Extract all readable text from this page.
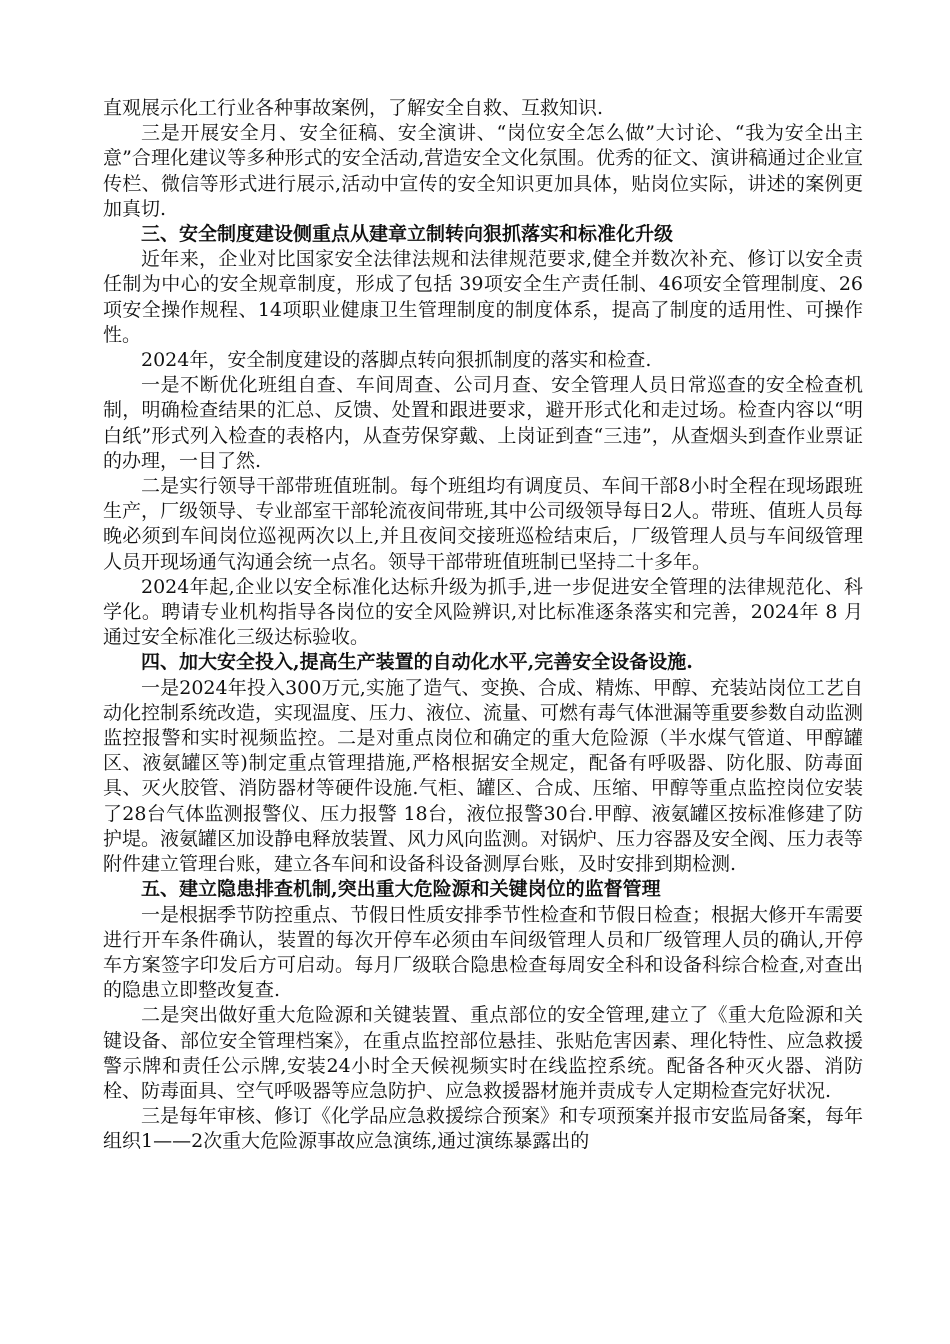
直观展示化工行业各种事故案例，了解安全自救、互救知识.

三是开展安全月、安全征稿、安全演讲、“岗位安全怎么做”大讨论、“我为安全出主意”合理化建议等多种形式的安全活动,营造安全文化氛围。优秀的征文、演讲稿通过企业宣传栏、微信等形式进行展示,活动中宣传的安全知识更加具体，贴岗位实际，讲述的案例更加真切.

三、安全制度建设侧重点从建章立制转向狠抓落实和标准化升级

近年来，企业对比国家安全法律法规和法律规范要求,健全并数次补充、修订以安全责任制为中心的安全规章制度，形成了包括 39项安全生产责任制、46项安全管理制度、26项安全操作规程、14项职业健康卫生管理制度的制度体系，提高了制度的适用性、可操作性。

2024年，安全制度建设的落脚点转向狠抓制度的落实和检查.

一是不断优化班组自查、车间周查、公司月查、安全管理人员日常巡查的安全检查机制，明确检查结果的汇总、反馈、处置和跟进要求，避开形式化和走过场。检查内容以“明白纸”形式列入检查的表格内，从查劳保穿戴、上岗证到查“三违”，从查烟头到查作业票证的办理，一目了然.

二是实行领导干部带班值班制。每个班组均有调度员、车间干部8小时全程在现场跟班生产，厂级领导、专业部室干部轮流夜间带班,其中公司级领导每日2人。带班、值班人员每晚必须到车间岗位巡视两次以上,并且夜间交接班巡检结束后，厂级管理人员与车间级管理人员开现场通气沟通会统一点名。领导干部带班值班制已坚持二十多年。

2024年起,企业以安全标准化达标升级为抓手,进一步促进安全管理的法律规范化、科学化。聘请专业机构指导各岗位的安全风险辨识,对比标准逐条落实和完善，2024年 8 月通过安全标准化三级达标验收。

四、加大安全投入,提高生产装置的自动化水平,完善安全设备设施.

一是2024年投入300万元,实施了造气、变换、合成、精炼、甲醇、充装站岗位工艺自动化控制系统改造，实现温度、压力、液位、流量、可燃有毒气体泄漏等重要参数自动监测监控报警和实时视频监控。二是对重点岗位和确定的重大危险源（半水煤气管道、甲醇罐区、液氨罐区等)制定重点管理措施,严格根据安全规定，配备有呼吸器、防化服、防毒面具、灭火胶管、消防器材等硬件设施.气柜、罐区、合成、压缩、甲醇等重点监控岗位安装了28台气体监测报警仪、压力报警 18台，液位报警30台.甲醇、液氨罐区按标准修建了防护堤。液氨罐区加设静电释放装置、风力风向监测。对锅炉、压力容器及安全阀、压力表等附件建立管理台账，建立各车间和设备科设备测厚台账，及时安排到期检测.

五、建立隐患排查机制,突出重大危险源和关键岗位的监督管理

一是根据季节防控重点、节假日性质安排季节性检查和节假日检查；根据大修开车需要进行开车条件确认，装置的每次开停车必须由车间级管理人员和厂级管理人员的确认,开停车方案签字印发后方可启动。每月厂级联合隐患检查每周安全科和设备科综合检查,对查出的隐患立即整改复查.

二是突出做好重大危险源和关键装置、重点部位的安全管理,建立了《重大危险源和关键设备、部位安全管理档案》，在重点监控部位悬挂、张贴危害因素、理化特性、应急救援警示牌和责任公示牌,安装24小时全天候视频实时在线监控系统。配备各种灭火器、消防栓、防毒面具、空气呼吸器等应急防护、应急救援器材施并责成专人定期检查完好状况.

三是每年审核、修订《化学品应急救援综合预案》和专项预案并报市安监局备案，每年组织1——2次重大危险源事故应急演练,通过演练暴露出的
